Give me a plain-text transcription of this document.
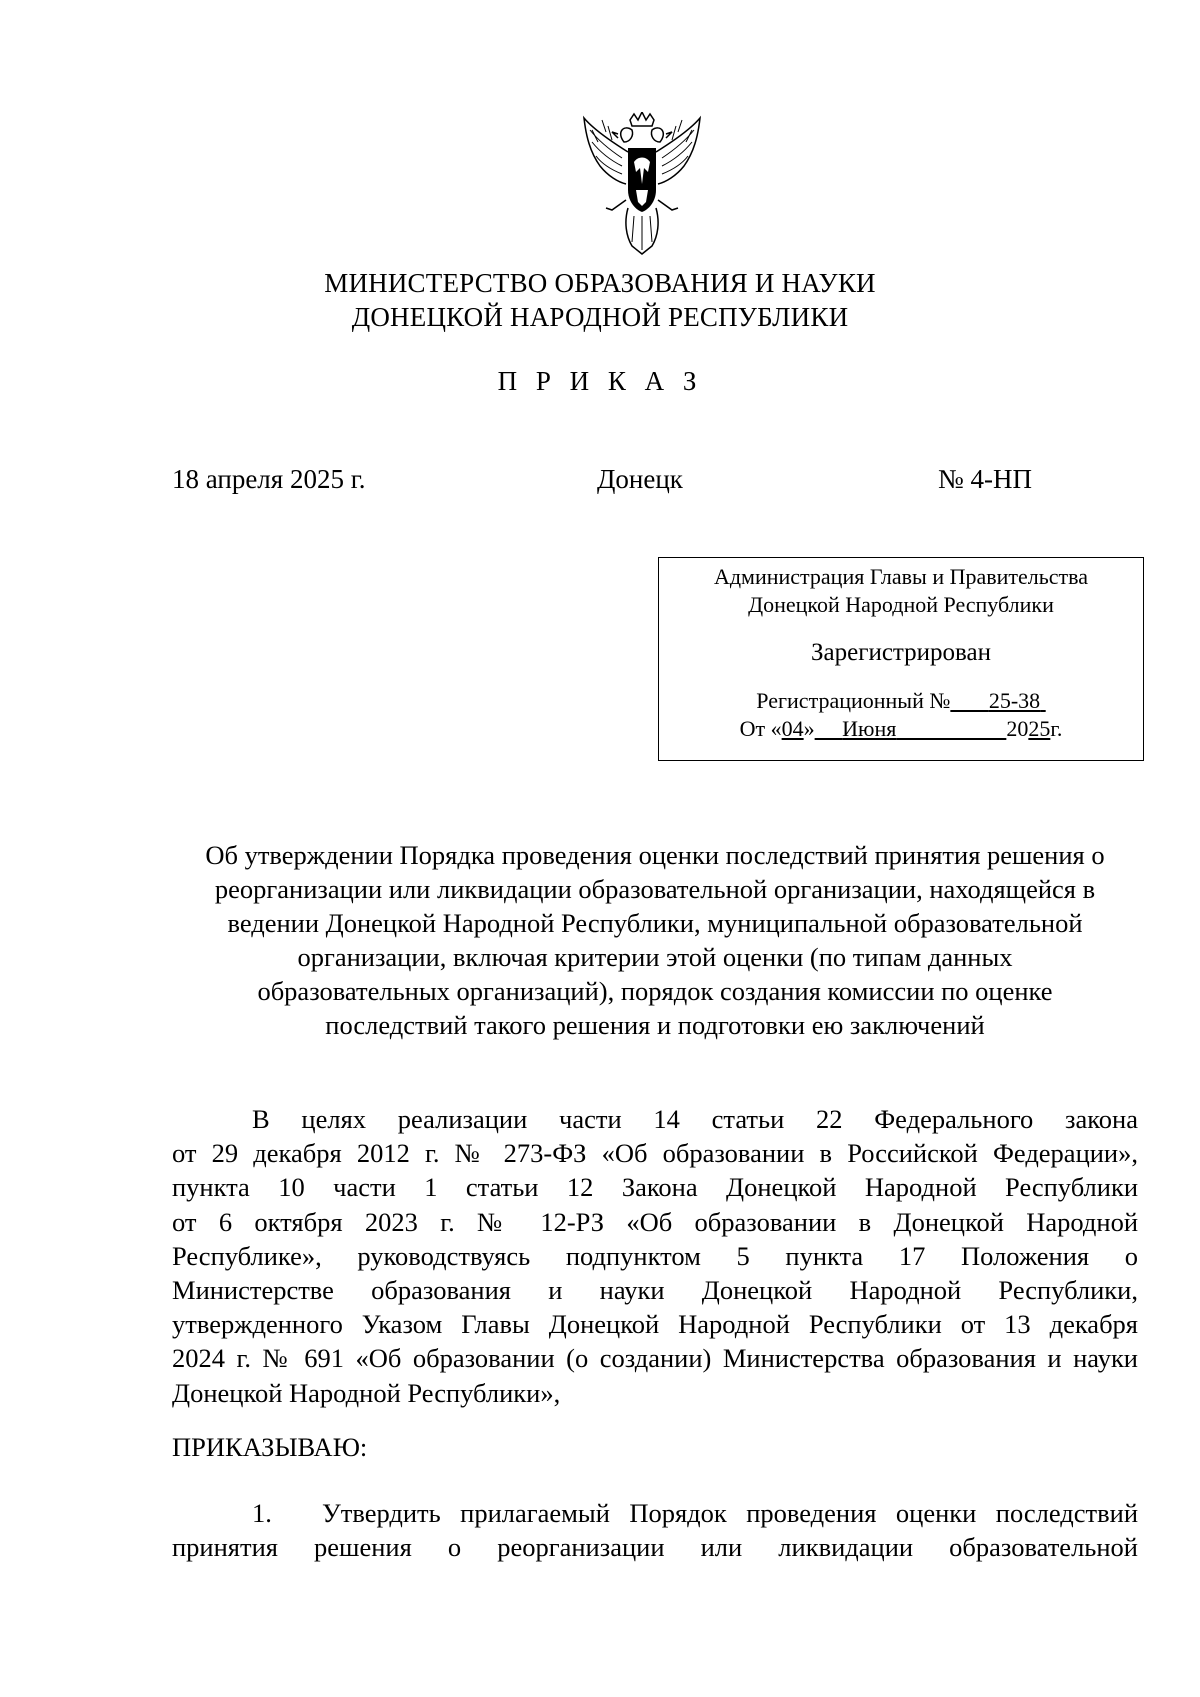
МИНИСТЕРСТВО ОБРАЗОВАНИЯ И НАУКИ
ДОНЕЦКОЙ НАРОДНОЙ РЕСПУБЛИКИ
П Р И К А З
18 апреля 2025 г.	Донецк	№ 4-НП
Администрация Главы и Правительства
Донецкой Народной Республики
Зарегистрирован
Регистрационный № 25-38
От «04» Июня	2025г.
Об утверждении Порядка проведения оценки последствий принятия решения о
реорганизации или ликвидации образовательной организации, находящейся в
ведении Донецкой Народной Республики, муниципальной образовательной
организации, включая критерии этой оценки (по типам данных
образовательных организаций), порядок создания комиссии по оценке
последствий такого решения и подготовки ею заключений
В целях реализации части 14 статьи 22 Федерального закона
от 29 декабря 2012 г. № 273-ФЗ «Об образовании в Российской Федерации»,
пункта 10 части 1 статьи 12 Закона Донецкой Народной Республики
от 6 октября 2023 г. № 12-РЗ «Об образовании в Донецкой Народной
Республике», руководствуясь подпунктом 5 пункта 17 Положения о
Министерстве образования и науки Донецкой Народной Республики,
утвержденного Указом Главы Донецкой Народной Республики от 13 декабря
2024 г. № 691 «Об образовании (о создании) Министерства образования и науки
Донецкой Народной Республики»,
ПРИКАЗЫВАЮ:
1. Утвердить прилагаемый Порядок проведения оценки последствий
принятия решения о реорганизации или ликвидации образовательной
